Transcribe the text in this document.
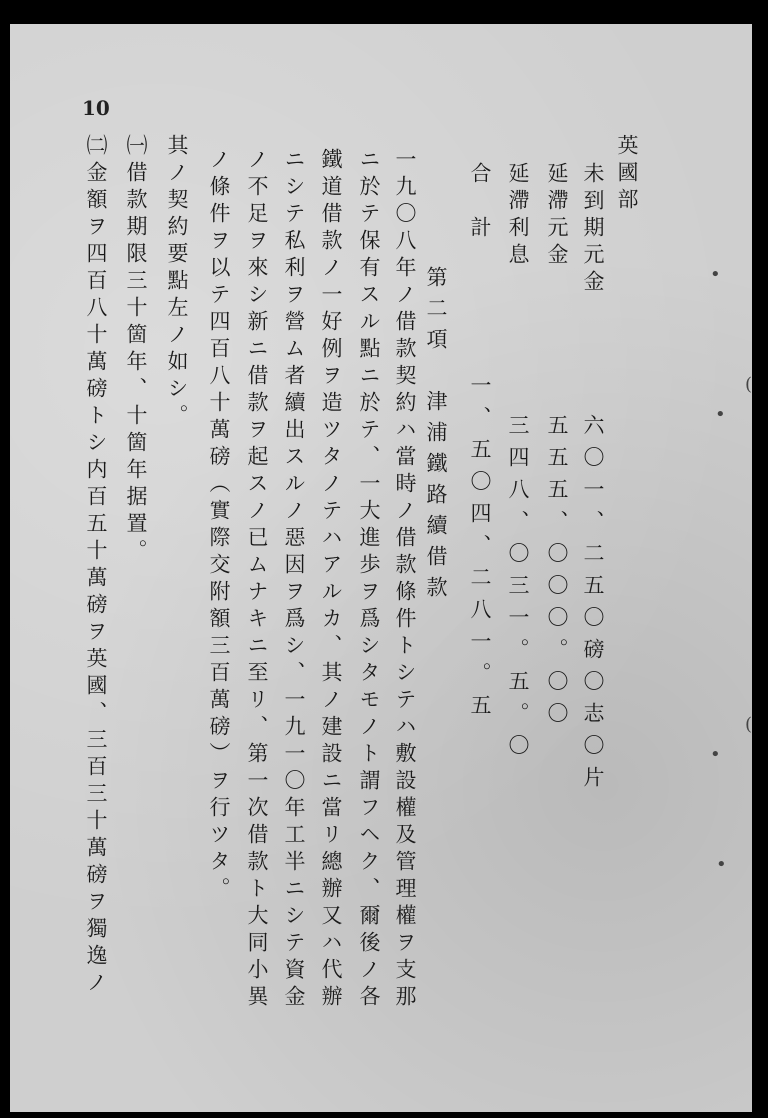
10
英國部
未到期元金
延滯元金
延滯利息
合　計
六〇一、二五〇磅〇志〇片
五五五、〇〇〇。〇〇
三四八、〇三一。五。〇
一、五〇四、二八一。五
第二項　津浦鐵路續借款
一九〇八年ノ借款契約ハ當時ノ借款條件トシテハ敷設權及管理權ヲ支那
ニ於テ保有スル點ニ於テ、一大進歩ヲ爲シタモノト謂フヘク、爾後ノ各
鐵道借款ノ一好例ヲ造ツタノテハアルカ、其ノ建設ニ當リ總辦又ハ代辦
ニシテ私利ヲ營ム者續出スルノ惡因ヲ爲シ、一九一〇年工半ニシテ資金
ノ不足ヲ來シ新ニ借款ヲ起スノ已ムナキニ至リ、第一次借款ト大同小異
ノ條件ヲ以テ四百八十萬磅（實際交附額三百萬磅）ヲ行ツタ。
其ノ契約要點左ノ如シ。
㈠借款期限三十箇年、十箇年据置。
㈡金額ヲ四百八十萬磅トシ内百五十萬磅ヲ英國、三百三十萬磅ヲ獨逸ノ	•
(
•
(
•
•
